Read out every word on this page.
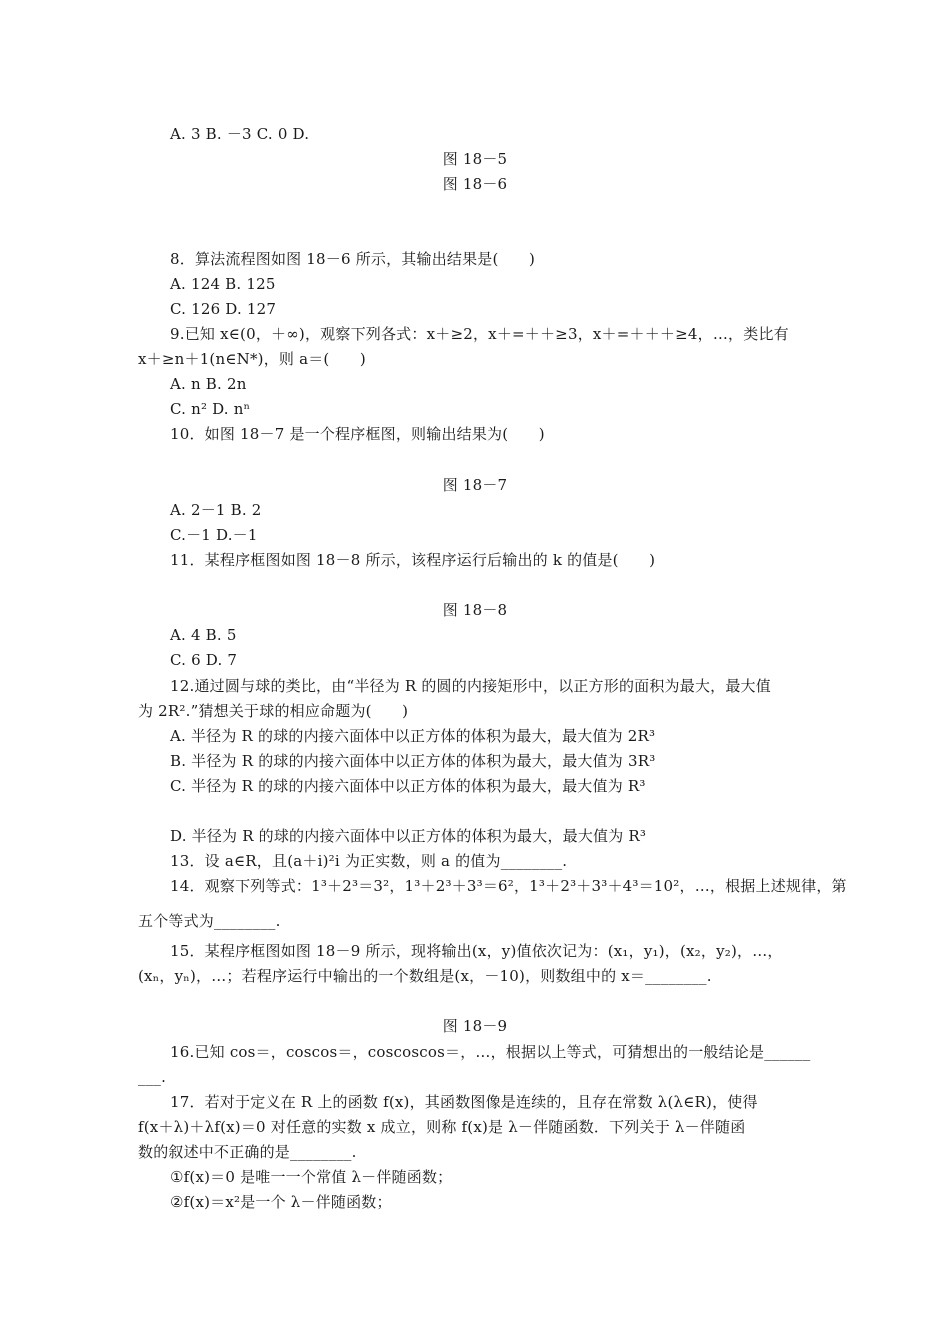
A. 3 B. －3 C. 0 D.
图 18－5
图 18－6
8．算法流程图如图 18－6 所示，其输出结果是(　　)
A. 124 B. 125
C. 126 D. 127
9.已知 x∈(0，＋∞)，观察下列各式：x＋≥2，x＋=＋＋≥3，x＋=＋＋＋≥4，…，类比有
x＋≥n＋1(n∈N*)，则 a＝(　　)
A. n B. 2n
C. n² D. nⁿ
10．如图 18－7 是一个程序框图，则输出结果为(　　)
图 18－7
A. 2－1 B. 2
C.－1 D.－1
11．某程序框图如图 18－8 所示，该程序运行后输出的 k 的值是(　　)
图 18－8
A. 4 B. 5
C. 6 D. 7
12.通过圆与球的类比，由“半径为 R 的圆的内接矩形中，以正方形的面积为最大，最大值
为 2R².”猜想关于球的相应命题为(　　)
A. 半径为 R 的球的内接六面体中以正方体的体积为最大，最大值为 2R³
B. 半径为 R 的球的内接六面体中以正方体的体积为最大，最大值为 3R³
C. 半径为 R 的球的内接六面体中以正方体的体积为最大，最大值为 R³
D. 半径为 R 的球的内接六面体中以正方体的体积为最大，最大值为 R³
13．设 a∈R，且(a＋i)²i 为正实数，则 a 的值为________.
14．观察下列等式：1³＋2³＝3²，1³＋2³＋3³＝6²，1³＋2³＋3³＋4³＝10²，…，根据上述规律，第
五个等式为________.
15．某程序框图如图 18－9 所示，现将输出(x，y)值依次记为：(x₁，y₁)，(x₂，y₂)，…，
(xₙ，yₙ)，…；若程序运行中输出的一个数组是(x，－10)，则数组中的 x＝________.
图 18－9
16.已知 cos＝，coscos＝，coscoscos＝，…，根据以上等式，可猜想出的一般结论是______
___.
17．若对于定义在 R 上的函数 f(x)，其函数图像是连续的，且存在常数 λ(λ∈R)，使得
f(x＋λ)＋λf(x)＝0 对任意的实数 x 成立，则称 f(x)是 λ－伴随函数．下列关于 λ－伴随函
数的叙述中不正确的是________.
①f(x)＝0 是唯一一个常值 λ－伴随函数；
②f(x)＝x²是一个 λ－伴随函数；
